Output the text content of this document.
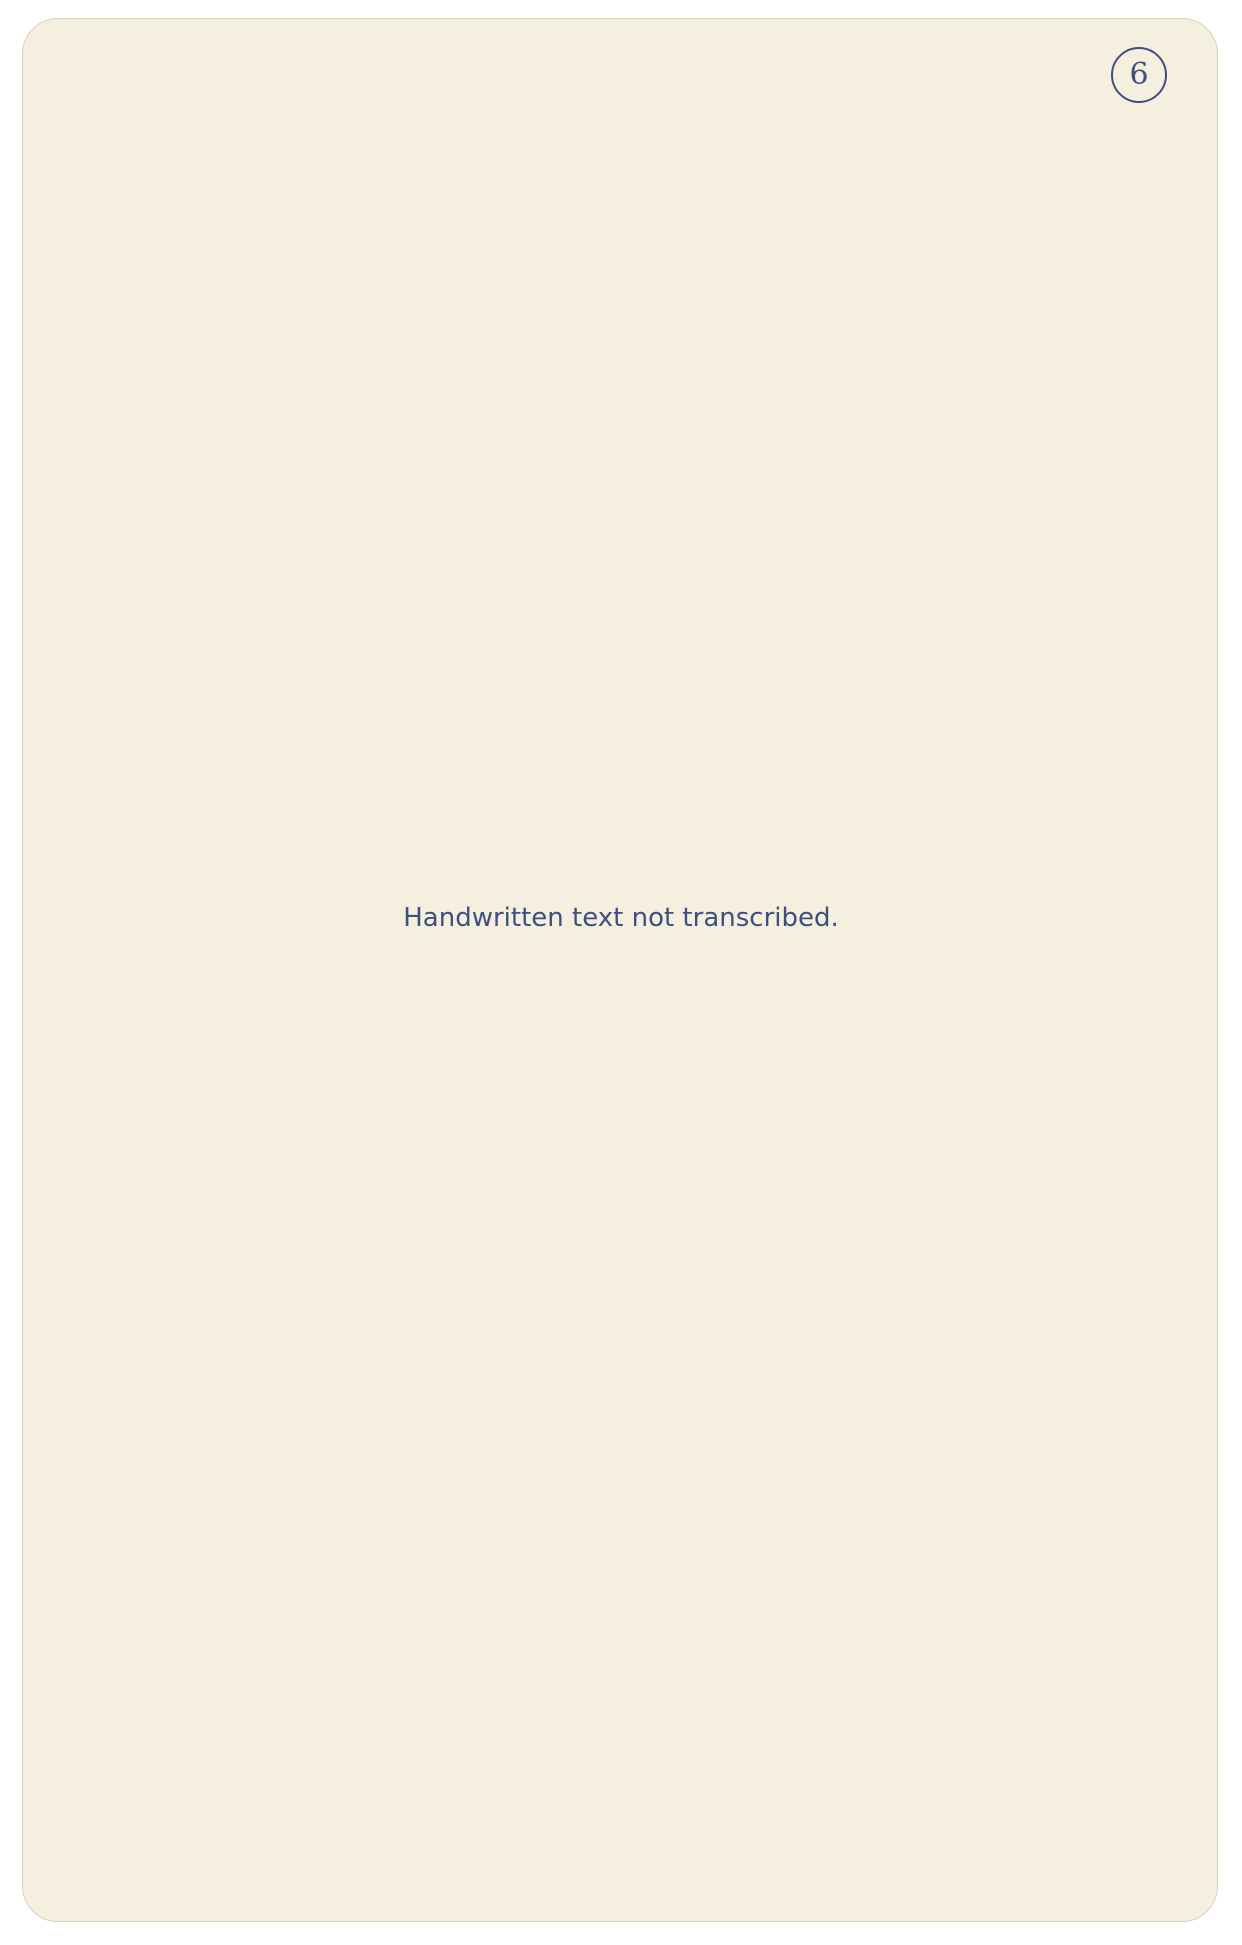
6
Handwritten text not transcribed.
